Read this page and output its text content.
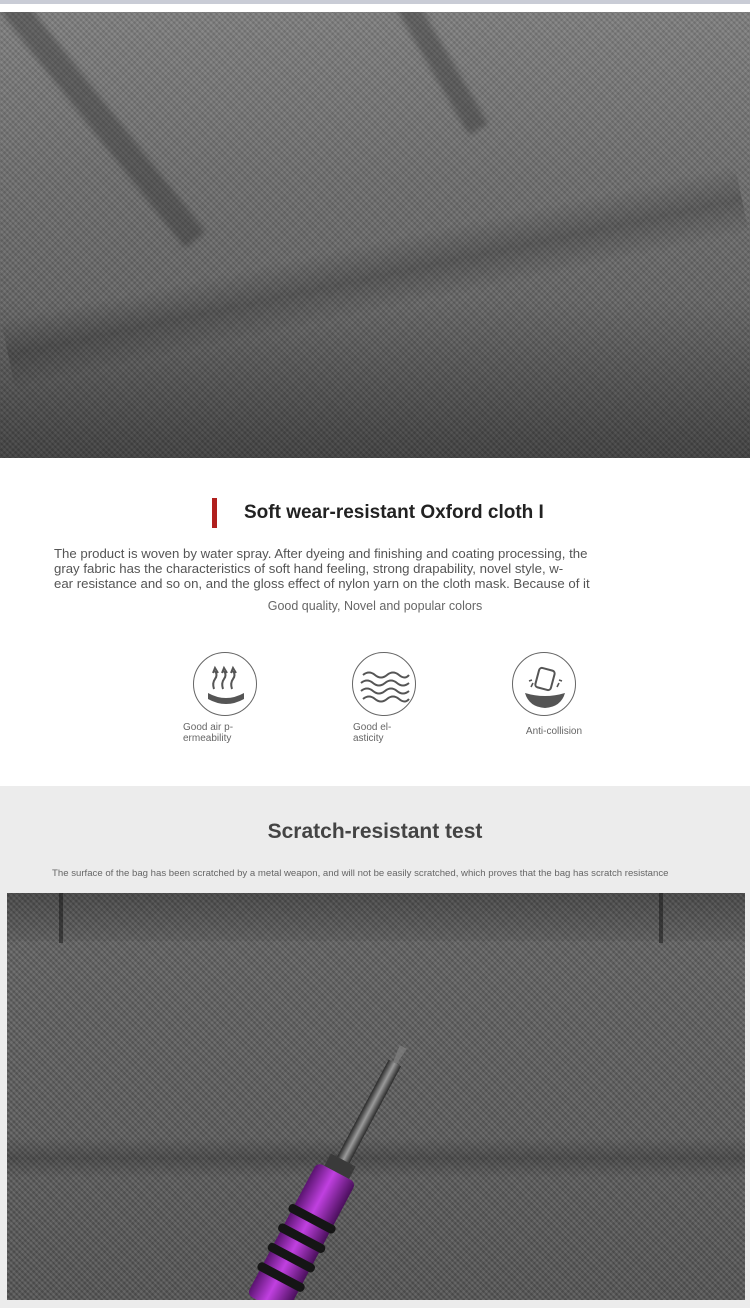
Soft wear-resistant Oxford cloth I

The product is woven by water spray. After dyeing and finishing and coating processing, the
gray fabric has the characteristics of soft hand feeling, strong drapability, novel style, w-
ear resistance and so on, and the gloss effect of nylon yarn on the cloth mask. Because of it

Good quality, Novel and popular colors
Good air p-
ermeability
Good el-
asticity
Anti-collision
Scratch-resistant test

The surface of the bag has been scratched by a metal weapon, and will not be easily scratched, which proves that the bag has scratch resistance
